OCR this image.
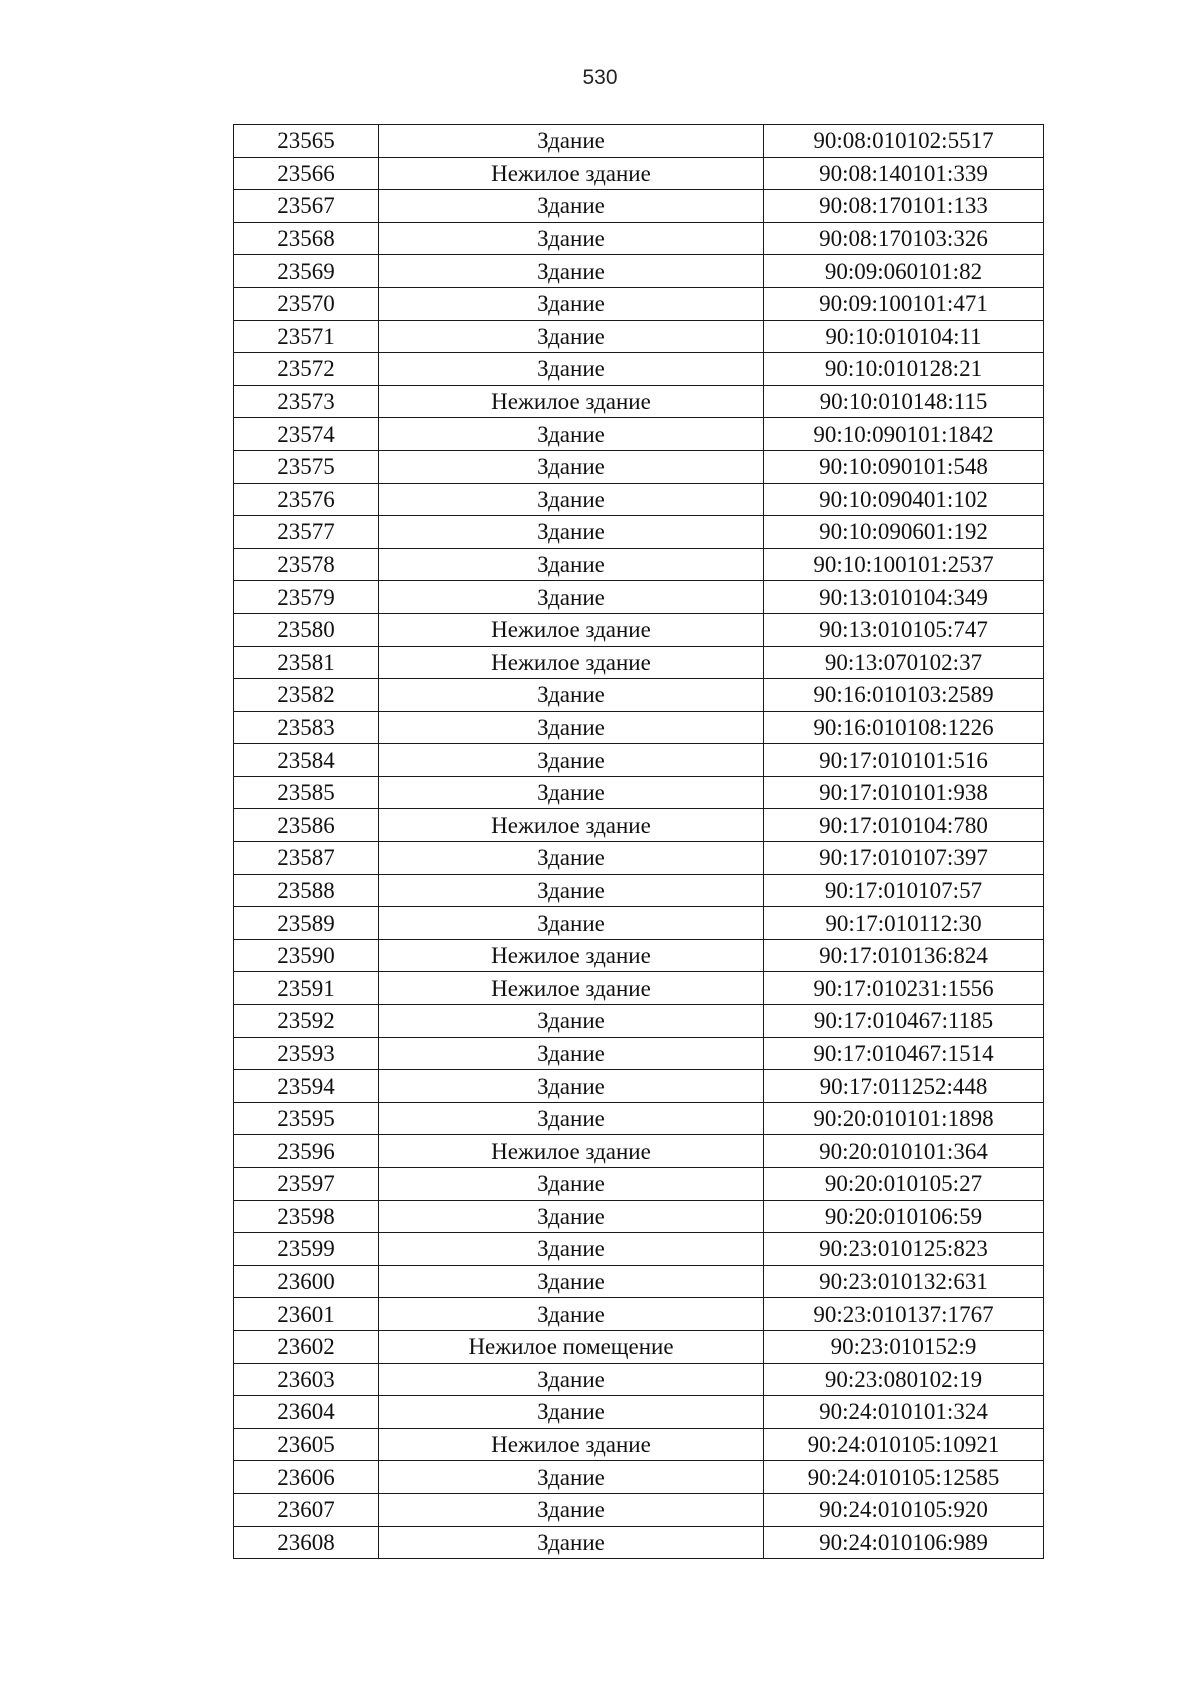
530
23565	Здание	90:08:010102:5517
23566	Нежилое здание	90:08:140101:339
23567	Здание	90:08:170101:133
23568	Здание	90:08:170103:326
23569	Здание	90:09:060101:82
23570	Здание	90:09:100101:471
23571	Здание	90:10:010104:11
23572	Здание	90:10:010128:21
23573	Нежилое здание	90:10:010148:115
23574	Здание	90:10:090101:1842
23575	Здание	90:10:090101:548
23576	Здание	90:10:090401:102
23577	Здание	90:10:090601:192
23578	Здание	90:10:100101:2537
23579	Здание	90:13:010104:349
23580	Нежилое здание	90:13:010105:747
23581	Нежилое здание	90:13:070102:37
23582	Здание	90:16:010103:2589
23583	Здание	90:16:010108:1226
23584	Здание	90:17:010101:516
23585	Здание	90:17:010101:938
23586	Нежилое здание	90:17:010104:780
23587	Здание	90:17:010107:397
23588	Здание	90:17:010107:57
23589	Здание	90:17:010112:30
23590	Нежилое здание	90:17:010136:824
23591	Нежилое здание	90:17:010231:1556
23592	Здание	90:17:010467:1185
23593	Здание	90:17:010467:1514
23594	Здание	90:17:011252:448
23595	Здание	90:20:010101:1898
23596	Нежилое здание	90:20:010101:364
23597	Здание	90:20:010105:27
23598	Здание	90:20:010106:59
23599	Здание	90:23:010125:823
23600	Здание	90:23:010132:631
23601	Здание	90:23:010137:1767
23602	Нежилое помещение	90:23:010152:9
23603	Здание	90:23:080102:19
23604	Здание	90:24:010101:324
23605	Нежилое здание	90:24:010105:10921
23606	Здание	90:24:010105:12585
23607	Здание	90:24:010105:920
23608	Здание	90:24:010106:989
